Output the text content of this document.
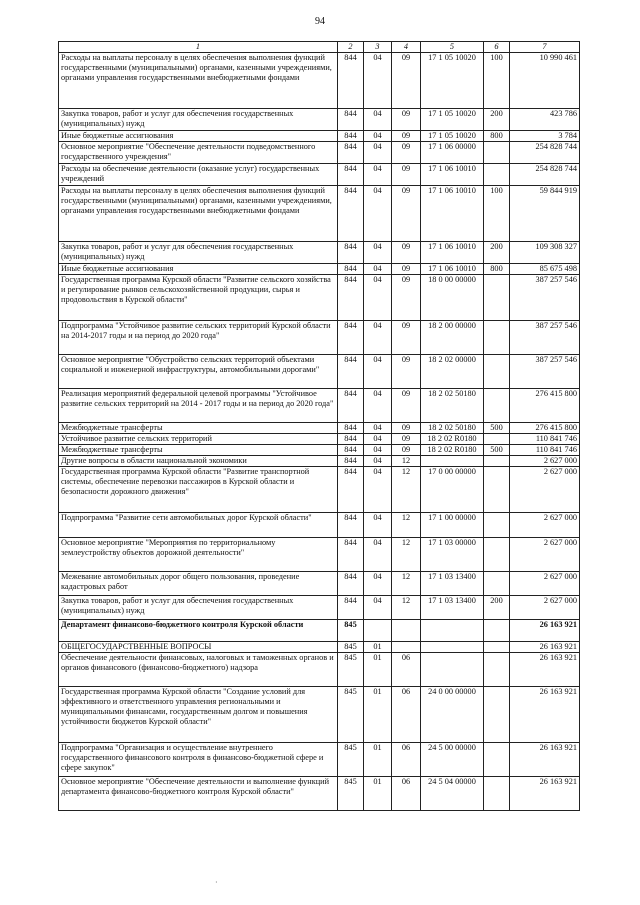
94
1	2	3	4	5	6	7
Расходы на выплаты персоналу в целях обеспечения выполнения функций государственными (муниципальными) органами, казенными учреждениями, органами управления государственными внебюджетными фондами	844	04	09	17 1 05 10020	100	10 990 461
Закупка товаров, работ и услуг для обеспечения государственных (муниципальных) нужд	844	04	09	17 1 05 10020	200	423 786
Иные бюджетные ассигнования	844	04	09	17 1 05 10020	800	3 784
Основное мероприятие "Обеспечение деятельности подведомственного государственного учреждения"	844	04	09	17 1 06 00000		254 828 744
Расходы на обеспечение деятельности (оказание услуг) государственных учреждений	844	04	09	17 1 06 10010		254 828 744
Расходы на выплаты персоналу в целях обеспечения выполнения функций государственными (муниципальными) органами, казенными учреждениями, органами управления государственными внебюджетными фондами	844	04	09	17 1 06 10010	100	59 844 919
Закупка товаров, работ и услуг для обеспечения государственных (муниципальных) нужд	844	04	09	17 1 06 10010	200	109 308 327
Иные бюджетные ассигнования	844	04	09	17 1 06 10010	800	85 675 498
Государственная программа Курской области "Развитие сельского хозяйства и регулирование рынков сельскохозяйственной продукции, сырья и продовольствия в Курской области"	844	04	09	18 0 00 00000		387 257 546
Подпрограмма "Устойчивое развитие сельских территорий Курской области на 2014-2017 годы и на период до 2020 года"	844	04	09	18 2 00 00000		387 257 546
Основное мероприятие "Обустройство сельских территорий объектами социальной и инженерной инфраструктуры, автомобильными дорогами"	844	04	09	18 2 02 00000		387 257 546
Реализация мероприятий федеральной целевой программы "Устойчивое развитие сельских территорий на 2014 - 2017 годы и на период до 2020 года"	844	04	09	18 2 02 50180		276 415 800
Межбюджетные трансферты	844	04	09	18 2 02 50180	500	276 415 800
Устойчивое развитие сельских территорий	844	04	09	18 2 02 R0180		110 841 746
Межбюджетные трансферты	844	04	09	18 2 02 R0180	500	110 841 746
Другие вопросы в области национальной экономики	844	04	12			2 627 000
Государственная программа Курской области "Развитие транспортной системы, обеспечение перевозки пассажиров в Курской области и безопасности дорожного движения"	844	04	12	17 0 00 00000		2 627 000
Подпрограмма "Развитие сети автомобильных дорог Курской области"	844	04	12	17 1 00 00000		2 627 000
Основное мероприятие "Мероприятия по территориальному землеустройству объектов дорожной деятельности"	844	04	12	17 1 03 00000		2 627 000
Межевание автомобильных дорог общего пользования, проведение кадастровых работ	844	04	12	17 1 03 13400		2 627 000
Закупка товаров, работ и услуг для обеспечения государственных (муниципальных) нужд	844	04	12	17 1 03 13400	200	2 627 000
Департамент финансово-бюджетного контроля Курской области	845					26 163 921
ОБЩЕГОСУДАРСТВЕННЫЕ ВОПРОСЫ	845	01				26 163 921
Обеспечение деятельности финансовых, налоговых и таможенных органов и органов финансового (финансово-бюджетного) надзора	845	01	06			26 163 921
Государственная программа Курской области "Создание условий для эффективного и ответственного управления региональными и муниципальными финансами, государственным долгом и повышения устойчивости бюджетов Курской области"	845	01	06	24 0 00 00000		26 163 921
Подпрограмма "Организация и осуществление внутреннего государственного финансового контроля в финансово-бюджетной сфере и сфере закупок"	845	01	06	24 5 00 00000		26 163 921
Основное мероприятие "Обеспечение деятельности и выполнение функций департамента финансово-бюджетного контроля Курской области"	845	01	06	24 5 04 00000		26 163 921
·
